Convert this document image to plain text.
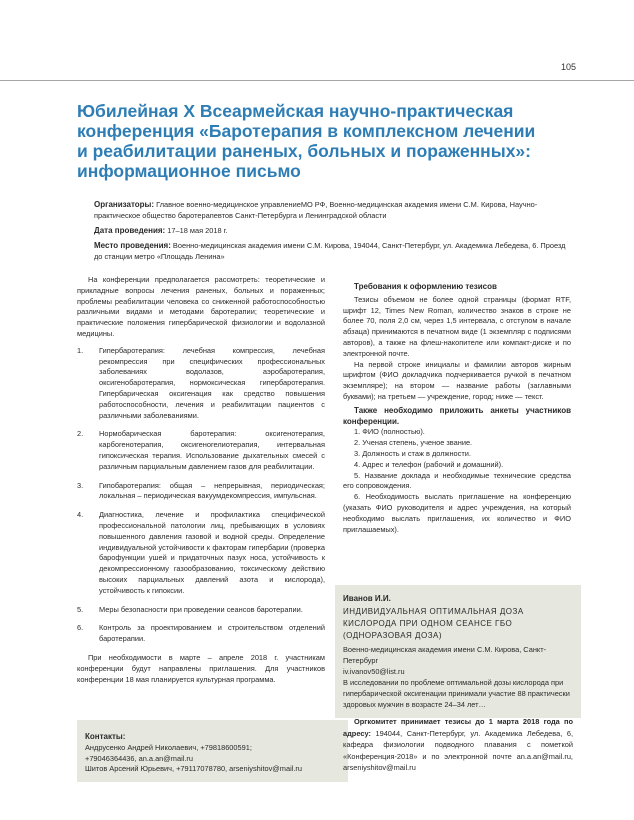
105
Юбилейная X Всеармейская научно-практическая конференция «Баротерапия в комплексном лечении и реабилитации раненых, больных и пораженных»: информационное письмо

Организаторы: Главное военно-медицинское управлениеМО РФ, Военно-медицинская академия имени С.М. Кирова, Научно-практическое общество баротерапевтов Санкт-Петербурга и Ленинградской области

Дата проведения: 17–18 мая 2018 г.

Место проведения: Военно-медицинская академия имени С.М. Кирова, 194044, Санкт-Петербург, ул. Академика Лебедева, 6. Проезд до станции метро «Площадь Ленина»

На конференции предполагается рассмотреть: теоретические и прикладные вопросы лечения раненых, больных и пораженных; проблемы реабилитации человека со сниженной работоспособностью различными видами и методами баротерапии; теоретические и практические положения гипербарической физиологии и водолазной медицины.

1. Гипербаротерапия: лечебная компрессия, лечебная рекомпрессия при специфических профессиональных заболеваниях водолазов, аэробаротерапия, оксигенобаротерапия, нормоксическая гипербаротерапия. Гипербарическая оксигенация как средство повышения работоспособности, лечения и реабилитации пациентов с различными заболеваниями.
2. Нормобарическая баротерапия: оксигенотерапия, карбогенотерапия, оксигеногелиотерапия, интервальная гипоксическая терапия. Использование дыхательных смесей с различным парциальным давлением газов для реабилитации.
3. Гипобаротерапия: общая – непрерывная, периодическая; локальная – периодическая вакуумдекомпрессия, импульсная.
4. Диагностика, лечение и профилактика специфической профессиональной патологии лиц, пребывающих в условиях повышенного давления газовой и водной среды. Определение индивидуальной устойчивости к факторам гипербарии (проверка барофункции ушей и придаточных пазух носа, устойчивость к декомпрессионному газообразованию, токсическому действию высоких парциальных давлений азота и кислорода), устойчивость к гипоксии.
5. Меры безопасности при проведении сеансов баротерапии.
6. Контроль за проектированием и строительством отделений баротерапии.

При необходимости в марте – апреле 2018 г. участникам конференции будут направлены приглашения. Для участников конференции 18 мая планируется культурная программа.

Контакты:
Андрусенко Андрей Николаевич, +79818600591;
+79046364436, an.a.an@mail.ru
Шитов Арсений Юрьевич, +79117078780, arseniyshitov@mail.ru

Требования к оформлению тезисов

Тезисы объемом не более одной страницы (формат RTF, шрифт 12, Times New Roman, количество знаков в строке не более 70, поля 2,0 см, через 1,5 интервала, с отступом в начале абзаца) принимаются в печатном виде (1 экземпляр с подписями авторов), а также на флеш-накопителе или компакт-диске и по электронной почте.

На первой строке инициалы и фамилии авторов жирным шрифтом (ФИО докладчика подчеркивается ручкой в печатном экземпляре); на втором — название работы (заглавными буквами); на третьем — учреждение, город; ниже — текст.

Также необходимо приложить анкеты участников конференции.

1. ФИО (полностью).
2. Ученая степень, ученое звание.
3. Должность и стаж в должности.
4. Адрес и телефон (рабочий и домашний).
5. Название доклада и необходимые технические средства его сопровождения.
6. Необходимость выслать приглашение на конференцию (указать ФИО руководителя и адрес учреждения, на который необходимо выслать приглашения, их количество и ФИО приглашаемых).

Иванов И.И.

ИНДИВИДУАЛЬНАЯ ОПТИМАЛЬНАЯ ДОЗА КИСЛОРОДА ПРИ ОДНОМ СЕАНСЕ ГБО (ОДНОРАЗОВАЯ ДОЗА)

Военно-медицинская академия имени С.М. Кирова, Санкт-Петербург

iv.ivanov50@list.ru

В исследовании по проблеме оптимальной дозы кислорода при гипербарической оксигенации принимали участие 88 практически здоровых мужчин в возрасте 24–34 лет…

Оргкомитет принимает тезисы до 1 марта 2018 года по адресу: 194044, Санкт-Петербург, ул. Академика Лебедева, 6, кафедра физиологии подводного плавания с пометкой «Конференция-2018» и по электронной почте an.a.an@mail.ru, arseniyshitov@mail.ru
